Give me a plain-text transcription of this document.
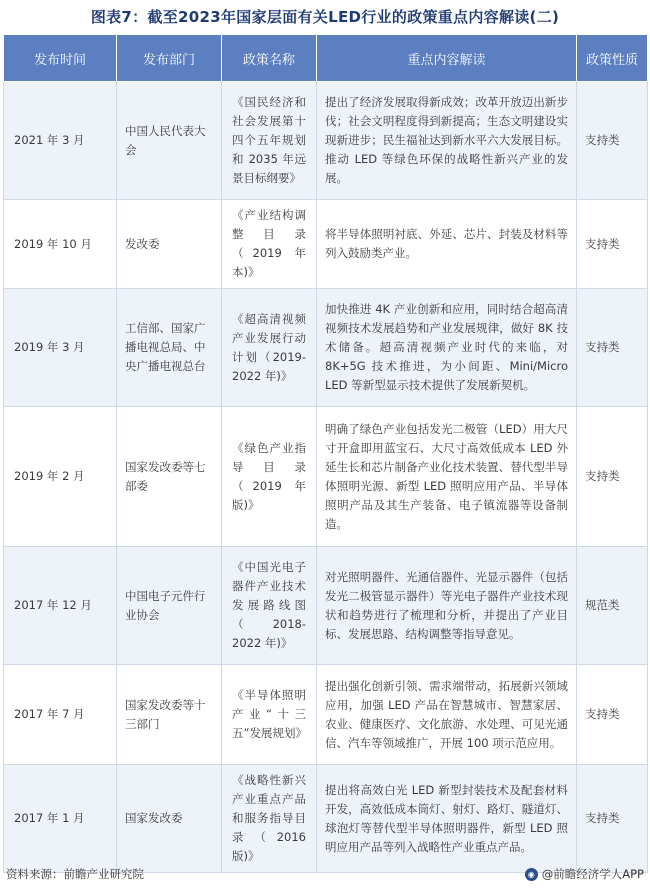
图表7：截至2023年国家层面有关LED行业的政策重点内容解读(二)
发布时间	发布部门	政策名称	重点内容解读	政策性质
2021 年 3 月	中国人民代表大会	《国民经济和社会发展第十四个五年规划和 2035 年远景目标纲要》	提出了经济发展取得新成效；改革开放迈出新步伐；社会文明程度得到新提高；生态文明建设实现新进步；民生福祉达到新水平六大发展目标。推动 LED 等绿色环保的战略性新兴产业的发展。	支持类
2019 年 10 月	发改委	《产业结构调整目录（2019 年本)》	将半导体照明衬底、外延、芯片、封装及材料等列入鼓励类产业。	支持类
2019 年 3 月	工信部、国家广播电视总局、中央广播电视总台	《超高清视频产业发展行动计划（2019-2022 年)》	加快推进 4K 产业创新和应用，同时结合超高清视频技术发展趋势和产业发展规律，做好 8K 技术储备。超高清视频产业时代的来临，对 8K+5G 技术推进，为小间距、Mini/Micro LED 等新型显示技术提供了发展新契机。	支持类
2019 年 2 月	国家发改委等七部委	《绿色产业指导目录（2019 年版)》	明确了绿色产业包括发光二极管（LED）用大尺寸开盒即用蓝宝石、大尺寸高效低成本 LED 外延生长和芯片制备产业化技术装置、替代型半导体照明光源、新型 LED 照明应用产品、半导体照明产品及其生产装备、电子镇流器等设备制造。	支持类
2017 年 12 月	中国电子元件行业协会	《中国光电子器件产业技术发展路线图（2018-2022 年)》	对光照明器件、光通信器件、光显示器件（包括发光二极管显示器件）等光电子器件产业技术现状和趋势进行了梳理和分析，并提出了产业目标、发展思路、结构调整等指导意见。	规范类
2017 年 7 月	国家发改委等十三部门	《半导体照明产业“十三五”发展规划》	提出强化创新引领、需求端带动，拓展新兴领域应用，加强 LED 产品在智慧城市、智慧家居、农业、健康医疗、文化旅游、水处理、可见光通信、汽车等领域推广，开展 100 项示范应用。	支持类
2017 年 1 月	国家发改委	《战略性新兴产业重点产品和服务指导目录（2016 版)》	提出将高效白光 LED 新型封装技术及配套材料开发，高效低成本筒灯、射灯、路灯、隧道灯、球泡灯等替代型半导体照明器件，新型 LED 照明应用产品等列入战略性产业重点产品。	支持类
资料来源：前瞻产业研究院	◉ @前瞻经济学人APP
